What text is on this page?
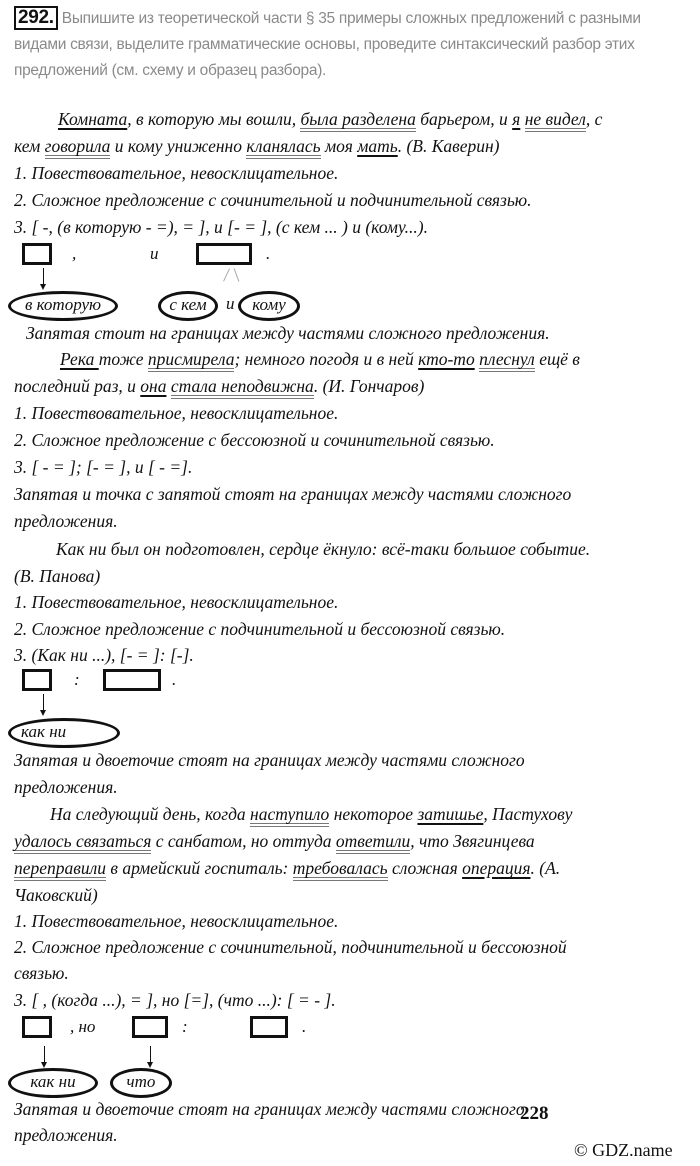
292. Выпишите из теоретической части § 35 примеры сложных предложений с разными видами связи, выделите грамматические основы, проведите синтаксический разбор этих предложений (см. схему и образец разбора).
Комната, в которую мы вошли, была разделена барьером, и я не видел, с
кем говорила и кому униженно кланялась моя мать. (В. Каверин)
1. Повествовательное, невосклицательное.
2. Сложное предложение с сочинительной и подчинительной связью.
3. [ -, (в которую - =), = ], и [- = ], (с кем ... ) и (кому...).
,	и	.
в которую	с кем	и	кому
Запятая стоит на границах между частями сложного предложения.
Река тоже присмирела; немного погодя и в ней кто-то плеснул ещё в
последний раз, и она стала неподвижна. (И. Гончаров)
1. Повествовательное, невосклицательное.
2. Сложное предложение с бессоюзной и сочинительной связью.
3. [ - = ]; [- = ], и [ - =].
Запятая и точка с запятой стоят на границах между частями сложного
предложения.
Как ни был он подготовлен, сердце ёкнуло: всё-таки большое событие.
(В. Панова)
1. Повествовательное, невосклицательное.
2. Сложное предложение с подчинительной и бессоюзной связью.
3. (Как ни ...), [- = ]: [-].
:	.
как ни
Запятая и двоеточие стоят на границах между частями сложного
предложения.
На следующий день, когда наступило некоторое затишье, Пастухову
удалось связаться с санбатом, но оттуда ответили, что Звягинцева
переправили в армейский госпиталь: требовалась сложная операция. (А.
Чаковский)
1. Повествовательное, невосклицательное.
2. Сложное предложение с сочинительной, подчинительной и бессоюзной
связью.
3. [ , (когда ...), = ], но [=], (что ...): [ = - ].
, но	:	.
как ни	что
Запятая и двоеточие стоят на границах между частями сложного
предложения.
228
© GDZ.name
